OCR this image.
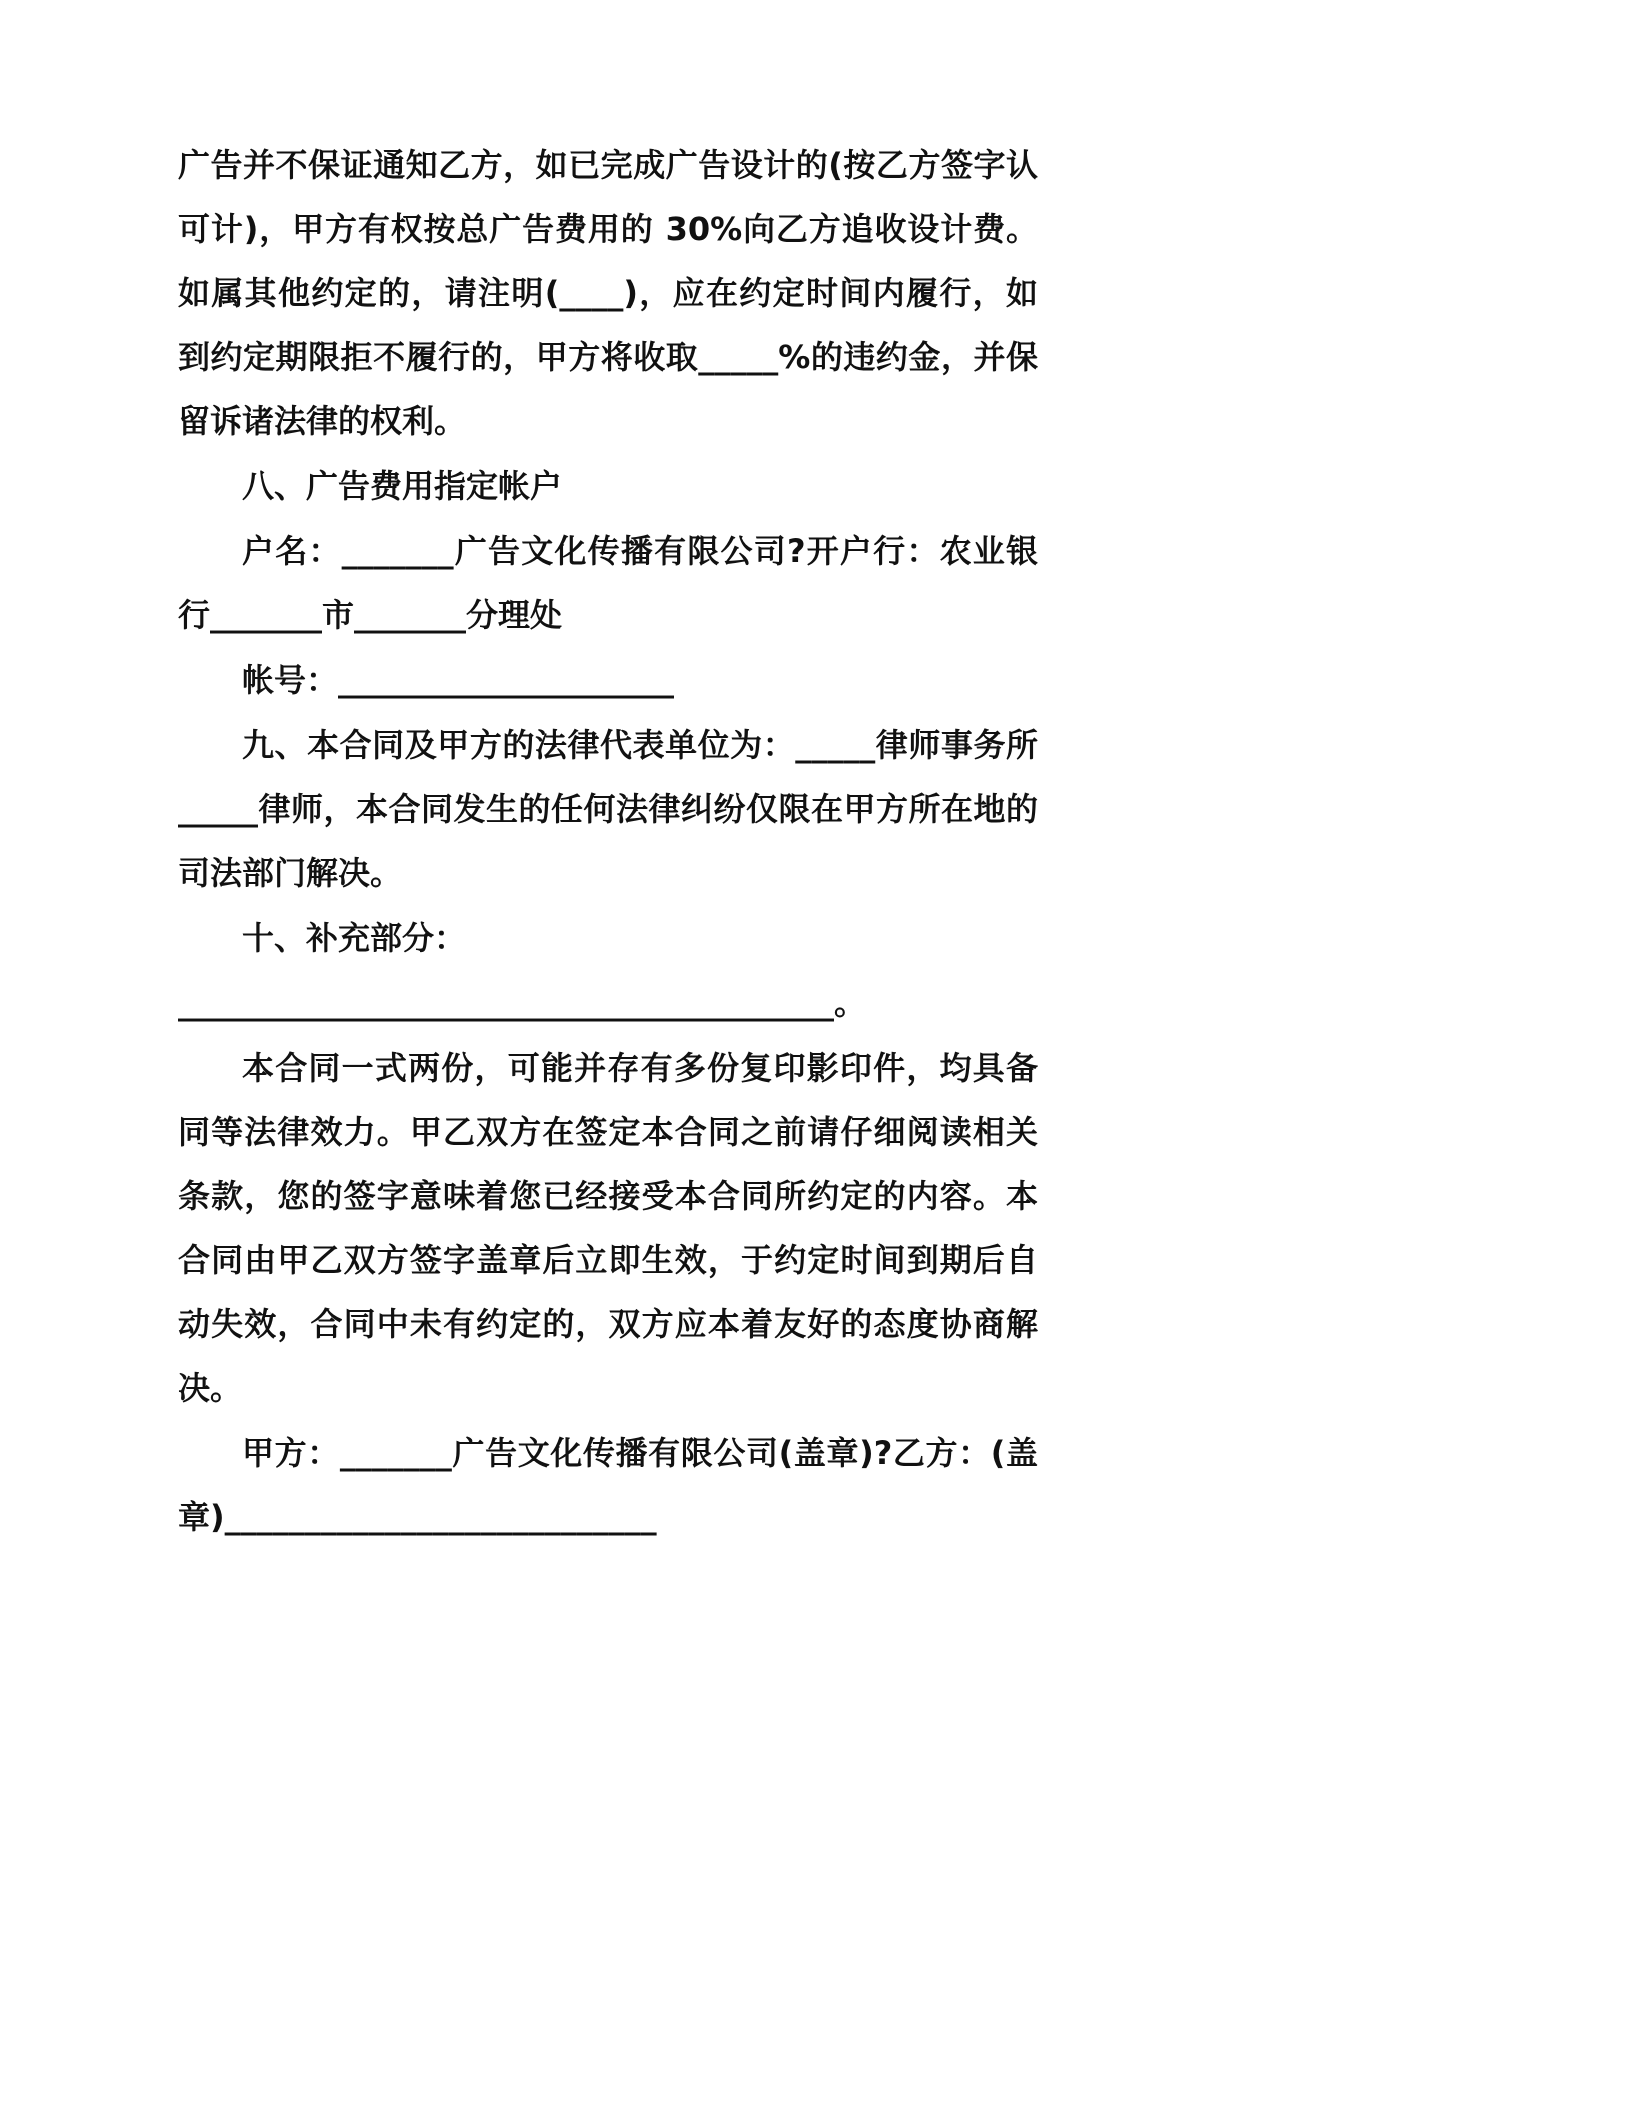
广告并不保证通知乙方，如已完成广告设计的(按乙方签字认可计)，甲方有权按总广告费用的 30%向乙方追收设计费。如属其他约定的，请注明(____)，应在约定时间内履行，如到约定期限拒不履行的，甲方将收取_____%的违约金，并保留诉诸法律的权利。

八、广告费用指定帐户

户名：_______广告文化传播有限公司?开户行：农业银行_______市_______分理处

帐号：_____________________

九、本合同及甲方的法律代表单位为：_____律师事务所_____律师，本合同发生的任何法律纠纷仅限在甲方所在地的司法部门解决。

十、补充部分：

_________________________________________。

本合同一式两份，可能并存有多份复印影印件，均具备同等法律效力。甲乙双方在签定本合同之前请仔细阅读相关条款，您的签字意味着您已经接受本合同所约定的内容。本合同由甲乙双方签字盖章后立即生效，于约定时间到期后自动失效，合同中未有约定的，双方应本着友好的态度协商解决。

甲方：_______广告文化传播有限公司(盖章)?乙方：(盖章)___________________________
